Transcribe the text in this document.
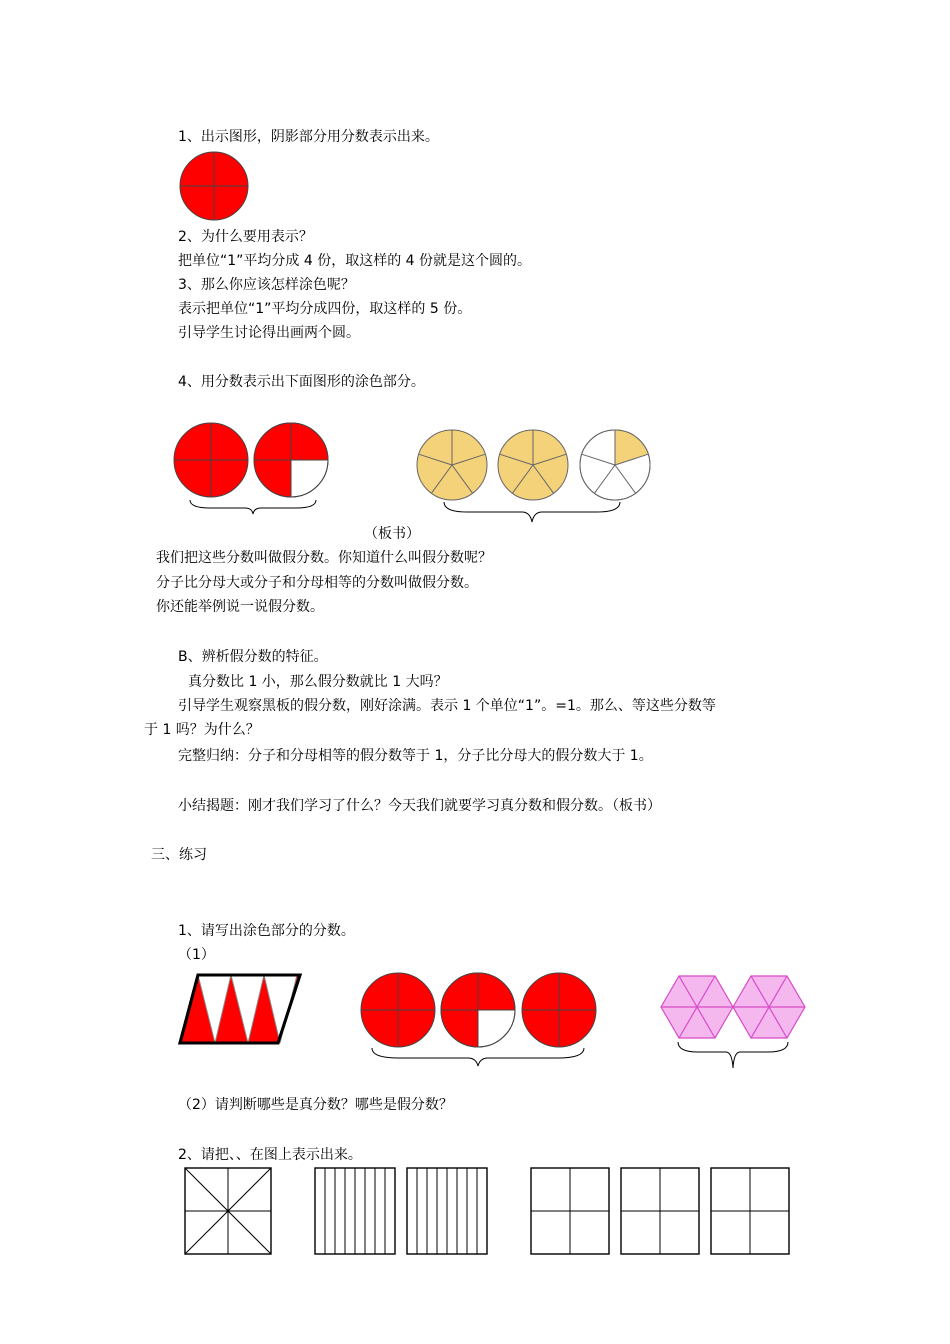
1、出示图形，阴影部分用分数表示出来。
2、为什么要用表示？
把单位“1”平均分成 4 份，取这样的 4 份就是这个圆的。
3、那么你应该怎样涂色呢？
表示把单位“1”平均分成四份，取这样的 5 份。
引导学生讨论得出画两个圆。
4、用分数表示出下面图形的涂色部分。
（板书）
我们把这些分数叫做假分数。你知道什么叫假分数呢？
分子比分母大或分子和分母相等的分数叫做假分数。
你还能举例说一说假分数。
B、辨析假分数的特征。
真分数比 1 小，那么假分数就比 1 大吗？
引导学生观察黑板的假分数，刚好涂满。表示 1 个单位“1”。=1。那么、等这些分数等
于 1 吗？为什么？
完整归纳：分子和分母相等的假分数等于 1，分子比分母大的假分数大于 1。
小结揭题：刚才我们学习了什么？今天我们就要学习真分数和假分数。（板书）
三、练习
1、请写出涂色部分的分数。
（1）
（2）请判断哪些是真分数？哪些是假分数？
2、请把、、在图上表示出来。
